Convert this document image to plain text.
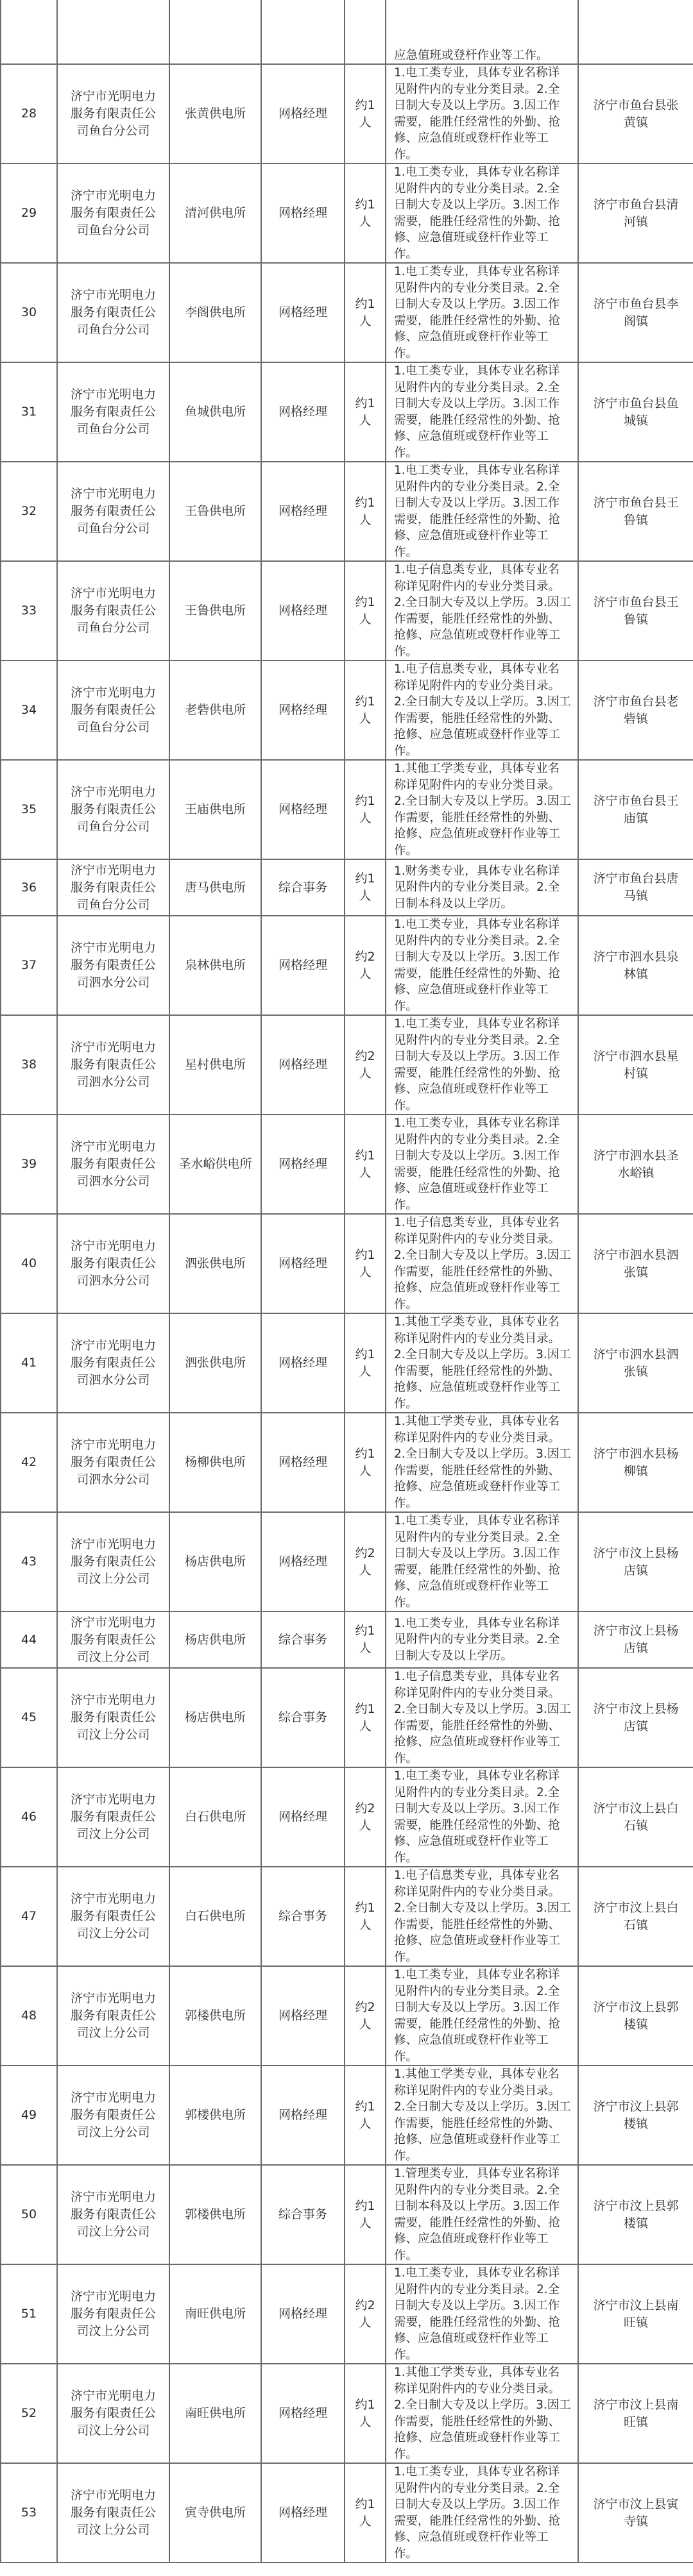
					应急值班或登杆作业等工作。	
28	济宁市光明电力服务有限责任公司鱼台分公司	张黄供电所	网格经理	约1人	1.电工类专业，具体专业名称详见附件内的专业分类目录。2.全日制大专及以上学历。3.因工作需要，能胜任经常性的外勤、抢修、应急值班或登杆作业等工作。	济宁市鱼台县张黄镇
29	济宁市光明电力服务有限责任公司鱼台分公司	清河供电所	网格经理	约1人	1.电工类专业，具体专业名称详见附件内的专业分类目录。2.全日制大专及以上学历。3.因工作需要，能胜任经常性的外勤、抢修、应急值班或登杆作业等工作。	济宁市鱼台县清河镇
30	济宁市光明电力服务有限责任公司鱼台分公司	李阁供电所	网格经理	约1人	1.电工类专业，具体专业名称详见附件内的专业分类目录。2.全日制大专及以上学历。3.因工作需要，能胜任经常性的外勤、抢修、应急值班或登杆作业等工作。	济宁市鱼台县李阁镇
31	济宁市光明电力服务有限责任公司鱼台分公司	鱼城供电所	网格经理	约1人	1.电工类专业，具体专业名称详见附件内的专业分类目录。2.全日制大专及以上学历。3.因工作需要，能胜任经常性的外勤、抢修、应急值班或登杆作业等工作。	济宁市鱼台县鱼城镇
32	济宁市光明电力服务有限责任公司鱼台分公司	王鲁供电所	网格经理	约1人	1.电工类专业，具体专业名称详见附件内的专业分类目录。2.全日制大专及以上学历。3.因工作需要，能胜任经常性的外勤、抢修、应急值班或登杆作业等工作。	济宁市鱼台县王鲁镇
33	济宁市光明电力服务有限责任公司鱼台分公司	王鲁供电所	网格经理	约1人	1.电子信息类专业，具体专业名称详见附件内的专业分类目录。2.全日制大专及以上学历。3.因工作需要，能胜任经常性的外勤、抢修、应急值班或登杆作业等工作。	济宁市鱼台县王鲁镇
34	济宁市光明电力服务有限责任公司鱼台分公司	老砦供电所	网格经理	约1人	1.电子信息类专业，具体专业名称详见附件内的专业分类目录。2.全日制大专及以上学历。3.因工作需要，能胜任经常性的外勤、抢修、应急值班或登杆作业等工作。	济宁市鱼台县老砦镇
35	济宁市光明电力服务有限责任公司鱼台分公司	王庙供电所	网格经理	约1人	1.其他工学类专业，具体专业名称详见附件内的专业分类目录。2.全日制大专及以上学历。3.因工作需要，能胜任经常性的外勤、抢修、应急值班或登杆作业等工作。	济宁市鱼台县王庙镇
36	济宁市光明电力服务有限责任公司鱼台分公司	唐马供电所	综合事务	约1人	1.财务类专业，具体专业名称详见附件内的专业分类目录。2.全日制本科及以上学历。	济宁市鱼台县唐马镇
37	济宁市光明电力服务有限责任公司泗水分公司	泉林供电所	网格经理	约2人	1.电工类专业，具体专业名称详见附件内的专业分类目录。2.全日制大专及以上学历。3.因工作需要，能胜任经常性的外勤、抢修、应急值班或登杆作业等工作。	济宁市泗水县泉林镇
38	济宁市光明电力服务有限责任公司泗水分公司	星村供电所	网格经理	约2人	1.电工类专业，具体专业名称详见附件内的专业分类目录。2.全日制大专及以上学历。3.因工作需要，能胜任经常性的外勤、抢修、应急值班或登杆作业等工作。	济宁市泗水县星村镇
39	济宁市光明电力服务有限责任公司泗水分公司	圣水峪供电所	网格经理	约1人	1.电工类专业，具体专业名称详见附件内的专业分类目录。2.全日制大专及以上学历。3.因工作需要，能胜任经常性的外勤、抢修、应急值班或登杆作业等工作。	济宁市泗水县圣水峪镇
40	济宁市光明电力服务有限责任公司泗水分公司	泗张供电所	网格经理	约1人	1.电子信息类专业，具体专业名称详见附件内的专业分类目录。2.全日制大专及以上学历。3.因工作需要，能胜任经常性的外勤、抢修、应急值班或登杆作业等工作。	济宁市泗水县泗张镇
41	济宁市光明电力服务有限责任公司泗水分公司	泗张供电所	网格经理	约1人	1.其他工学类专业，具体专业名称详见附件内的专业分类目录。2.全日制大专及以上学历。3.因工作需要，能胜任经常性的外勤、抢修、应急值班或登杆作业等工作。	济宁市泗水县泗张镇
42	济宁市光明电力服务有限责任公司泗水分公司	杨柳供电所	网格经理	约1人	1.其他工学类专业，具体专业名称详见附件内的专业分类目录。2.全日制大专及以上学历。3.因工作需要，能胜任经常性的外勤、抢修、应急值班或登杆作业等工作。	济宁市泗水县杨柳镇
43	济宁市光明电力服务有限责任公司汶上分公司	杨店供电所	网格经理	约2人	1.电工类专业，具体专业名称详见附件内的专业分类目录。2.全日制大专及以上学历。3.因工作需要，能胜任经常性的外勤、抢修、应急值班或登杆作业等工作。	济宁市汶上县杨店镇
44	济宁市光明电力服务有限责任公司汶上分公司	杨店供电所	综合事务	约1人	1.电工类专业，具体专业名称详见附件内的专业分类目录。2.全日制大专及以上学历。	济宁市汶上县杨店镇
45	济宁市光明电力服务有限责任公司汶上分公司	杨店供电所	综合事务	约1人	1.电子信息类专业，具体专业名称详见附件内的专业分类目录。2.全日制大专及以上学历。3.因工作需要，能胜任经常性的外勤、抢修、应急值班或登杆作业等工作。	济宁市汶上县杨店镇
46	济宁市光明电力服务有限责任公司汶上分公司	白石供电所	网格经理	约2人	1.电工类专业，具体专业名称详见附件内的专业分类目录。2.全日制大专及以上学历。3.因工作需要，能胜任经常性的外勤、抢修、应急值班或登杆作业等工作。	济宁市汶上县白石镇
47	济宁市光明电力服务有限责任公司汶上分公司	白石供电所	综合事务	约1人	1.电子信息类专业，具体专业名称详见附件内的专业分类目录。2.全日制大专及以上学历。3.因工作需要，能胜任经常性的外勤、抢修、应急值班或登杆作业等工作。	济宁市汶上县白石镇
48	济宁市光明电力服务有限责任公司汶上分公司	郭楼供电所	网格经理	约2人	1.电工类专业，具体专业名称详见附件内的专业分类目录。2.全日制大专及以上学历。3.因工作需要，能胜任经常性的外勤、抢修、应急值班或登杆作业等工作。	济宁市汶上县郭楼镇
49	济宁市光明电力服务有限责任公司汶上分公司	郭楼供电所	网格经理	约1人	1.其他工学类专业，具体专业名称详见附件内的专业分类目录。2.全日制大专及以上学历。3.因工作需要，能胜任经常性的外勤、抢修、应急值班或登杆作业等工作。	济宁市汶上县郭楼镇
50	济宁市光明电力服务有限责任公司汶上分公司	郭楼供电所	综合事务	约1人	1.管理类专业，具体专业名称详见附件内的专业分类目录。2.全日制本科及以上学历。3.因工作需要，能胜任经常性的外勤、抢修、应急值班或登杆作业等工作。	济宁市汶上县郭楼镇
51	济宁市光明电力服务有限责任公司汶上分公司	南旺供电所	网格经理	约2人	1.电工类专业，具体专业名称详见附件内的专业分类目录。2.全日制大专及以上学历。3.因工作需要，能胜任经常性的外勤、抢修、应急值班或登杆作业等工作。	济宁市汶上县南旺镇
52	济宁市光明电力服务有限责任公司汶上分公司	南旺供电所	网格经理	约1人	1.其他工学类专业，具体专业名称详见附件内的专业分类目录。2.全日制大专及以上学历。3.因工作需要，能胜任经常性的外勤、抢修、应急值班或登杆作业等工作。	济宁市汶上县南旺镇
53	济宁市光明电力服务有限责任公司汶上分公司	寅寺供电所	网格经理	约1人	1.电工类专业，具体专业名称详见附件内的专业分类目录。2.全日制大专及以上学历。3.因工作需要，能胜任经常性的外勤、抢修、应急值班或登杆作业等工作。	济宁市汶上县寅寺镇
